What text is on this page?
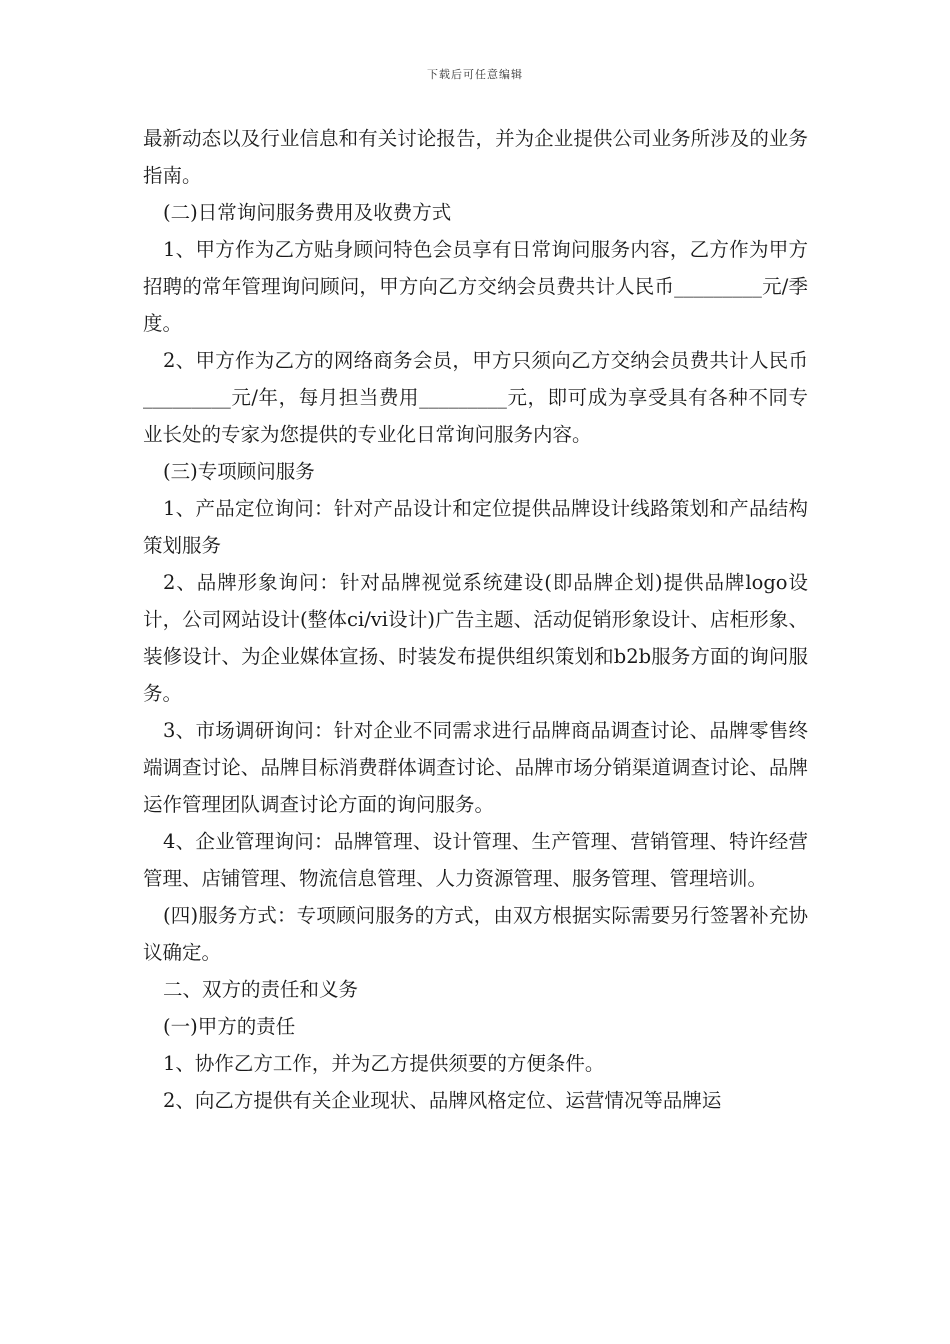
下载后可任意编辑

最新动态以及行业信息和有关讨论报告，并为企业提供公司业务所涉及的业务指南。

(二)日常询问服务费用及收费方式

1、甲方作为乙方贴身顾问特色会员享有日常询问服务内容，乙方作为甲方招聘的常年管理询问顾问，甲方向乙方交纳会员费共计人民币_________元/季度。

2、甲方作为乙方的网络商务会员，甲方只须向乙方交纳会员费共计人民币_________元/年，每月担当费用_________元，即可成为享受具有各种不同专业长处的专家为您提供的专业化日常询问服务内容。

(三)专项顾问服务

1、产品定位询问：针对产品设计和定位提供品牌设计线路策划和产品结构策划服务

2、品牌形象询问：针对品牌视觉系统建设(即品牌企划)提供品牌logo设计，公司网站设计(整体ci/vi设计)广告主题、活动促销形象设计、店柜形象、装修设计、为企业媒体宣扬、时装发布提供组织策划和b2b服务方面的询问服务。

3、市场调研询问：针对企业不同需求进行品牌商品调查讨论、品牌零售终端调查讨论、品牌目标消费群体调查讨论、品牌市场分销渠道调查讨论、品牌运作管理团队调查讨论方面的询问服务。

4、企业管理询问：品牌管理、设计管理、生产管理、营销管理、特许经营管理、店铺管理、物流信息管理、人力资源管理、服务管理、管理培训。

(四)服务方式：专项顾问服务的方式，由双方根据实际需要另行签署补充协议确定。

二、双方的责任和义务

(一)甲方的责任

1、协作乙方工作，并为乙方提供须要的方便条件。

2、向乙方提供有关企业现状、品牌风格定位、运营情况等品牌运
